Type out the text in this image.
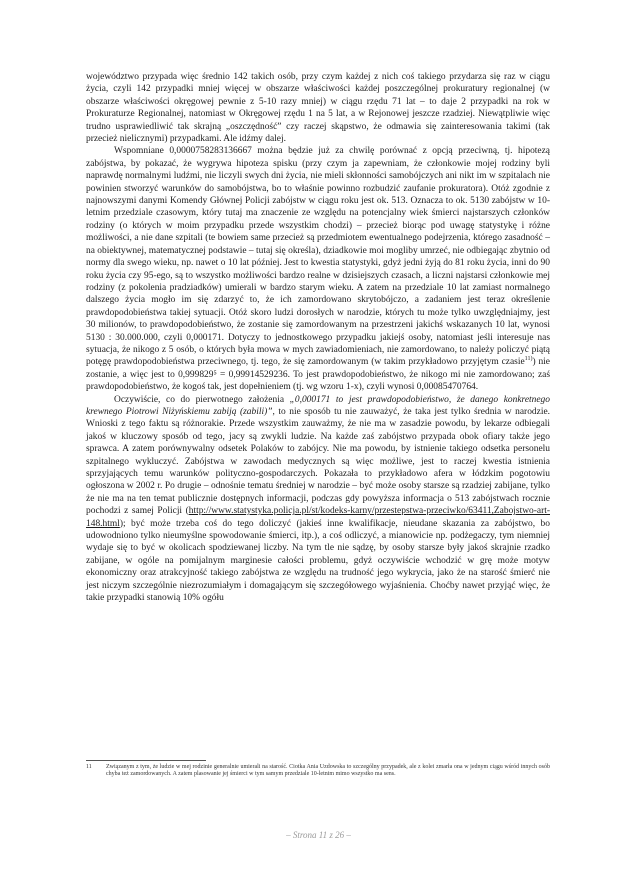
województwo przypada więc średnio 142 takich osób, przy czym każdej z nich coś takiego przydarza się raz w ciągu życia, czyli 142 przypadki mniej więcej w obszarze właściwości każdej poszczególnej prokuratury regionalnej (w obszarze właściwości okręgowej pewnie z 5-10 razy mniej) w ciągu rzędu 71 lat – to daje 2 przypadki na rok w Prokuraturze Regionalnej, natomiast w Okręgowej rzędu 1 na 5 lat, a w Rejonowej jeszcze rzadziej. Niewątpliwie więc trudno usprawiedliwić tak skrajną „oszczędność” czy raczej skąpstwo, że odmawia się zainteresowania takimi (tak przecież nielicznymi) przypadkami. Ale idźmy dalej.

Wspomniane 0,0000758283136667 można będzie już za chwilę porównać z opcją przeciwną, tj. hipotezą zabójstwa, by pokazać, że wygrywa hipoteza spisku (przy czym ja zapewniam, że członkowie mojej rodziny byli naprawdę normalnymi ludźmi, nie liczyli swych dni życia, nie mieli skłonności samobójczych ani nikt im w szpitalach nie powinien stworzyć warunków do samobójstwa, bo to właśnie powinno rozbudzić zaufanie prokuratora). Otóż zgodnie z najnowszymi danymi Komendy Głównej Policji zabójstw w ciągu roku jest ok. 513. Oznacza to ok. 5130 zabójstw w 10-letnim przedziale czasowym, który tutaj ma znaczenie ze względu na potencjalny wiek śmierci najstarszych członków rodziny (o których w moim przypadku przede wszystkim chodzi) – przecież biorąc pod uwagę statystykę i różne możliwości, a nie dane szpitali (te bowiem same przecież są przedmiotem ewentualnego podejrzenia, którego zasadność – na obiektywnej, matematycznej podstawie – tutaj się określa), dziadkowie moi mogliby umrzeć, nie odbiegając zbytnio od normy dla swego wieku, np. nawet o 10 lat później. Jest to kwestia statystyki, gdyż jedni żyją do 81 roku życia, inni do 90 roku życia czy 95-ego, są to wszystko możliwości bardzo realne w dzisiejszych czasach, a liczni najstarsi członkowie mej rodziny (z pokolenia pradziadków) umierali w bardzo starym wieku. A zatem na przedziale 10 lat zamiast normalnego dalszego życia mogło im się zdarzyć to, że ich zamordowano skrytobójczo, a zadaniem jest teraz określenie prawdopodobieństwa takiej sytuacji. Otóż skoro ludzi dorosłych w narodzie, których tu może tylko uwzględniajmy, jest 30 milionów, to prawdopodobieństwo, że zostanie się zamordowanym na przestrzeni jakichś wskazanych 10 lat, wynosi 5130 : 30.000.000, czyli 0,000171. Dotyczy to jednostkowego przypadku jakiejś osoby, natomiast jeśli interesuje nas sytuacja, że nikogo z 5 osób, o których była mowa w mych zawiadomieniach, nie zamordowano, to należy policzyć piątą potęgę prawdopodobieństwa przeciwnego, tj. tego, że się zamordowanym (w takim przykładowo przyjętym czasie$^{11)}$) nie zostanie, a więc jest to 0,999829⁵ = 0,99914529236. To jest prawdopodobieństwo, że nikogo mi nie zamordowano; zaś prawdopodobieństwo, że kogoś tak, jest dopełnieniem (tj. wg wzoru 1-x), czyli wynosi 0,00085470764.

Oczywiście, co do pierwotnego założenia „0,000171 to jest prawdopodobieństwo, że danego konkretnego krewnego Piotrowi Niżyńskiemu zabiją (zabili)”, to nie sposób tu nie zauważyć, że taka jest tylko średnia w narodzie. Wnioski z tego faktu są różnorakie. Przede wszystkim zauważmy, że nie ma w zasadzie powodu, by lekarze odbiegali jakoś w kluczowy sposób od tego, jacy są zwykli ludzie. Na każde zaś zabójstwo przypada obok ofiary także jego sprawca. A zatem porównywalny odsetek Polaków to zabójcy. Nie ma powodu, by istnienie takiego odsetka personelu szpitalnego wykluczyć. Zabójstwa w zawodach medycznych są więc możliwe, jest to raczej kwestia istnienia sprzyjających temu warunków polityczno-gospodarczych. Pokazała to przykładowo afera w łódzkim pogotowiu ogłoszona w 2002 r. Po drugie – odnośnie tematu średniej w narodzie – być może osoby starsze są rzadziej zabijane, tylko że nie ma na ten temat publicznie dostępnych informacji, podczas gdy powyższa informacja o 513 zabójstwach rocznie pochodzi z samej Policji (http://www.statystyka.policja.pl/st/kodeks-karny/przestepstwa-przeciwko/63411,Zabojstwo-art-148.html); być może trzeba coś do tego doliczyć (jakieś inne kwalifikacje, nieudane skazania za zabójstwo, bo udowodniono tylko nieumyślne spowodowanie śmierci, itp.), a coś odliczyć, a mianowicie np. podżegaczy, tym niemniej wydaje się to być w okolicach spodziewanej liczby. Na tym tle nie sądzę, by osoby starsze były jakoś skrajnie rzadko zabijane, w ogóle na pomijalnym marginesie całości problemu, gdyż oczywiście wchodzić w grę może motyw ekonomiczny oraz atrakcyjność takiego zabójstwa ze względu na trudność jego wykrycia, jako że na starość śmierć nie jest niczym szczególnie niezrozumiałym i domagającym się szczegółowego wyjaśnienia. Choćby nawet przyjąć więc, że takie przypadki stanowią 10% ogółu

11	Związanym z tym, że ludzie w mej rodzinie generalnie umierali na starość. Ciotka Ania Uzdowska to szczególny przypadek, ale z kolei zmarła ona w jednym ciągu wśród innych osób chyba też zamordowanych. A zatem plasowanie jej śmierci w tym samym przedziale 10-letnim mimo wszystko ma sens.
– Strona 11 z 26 –
